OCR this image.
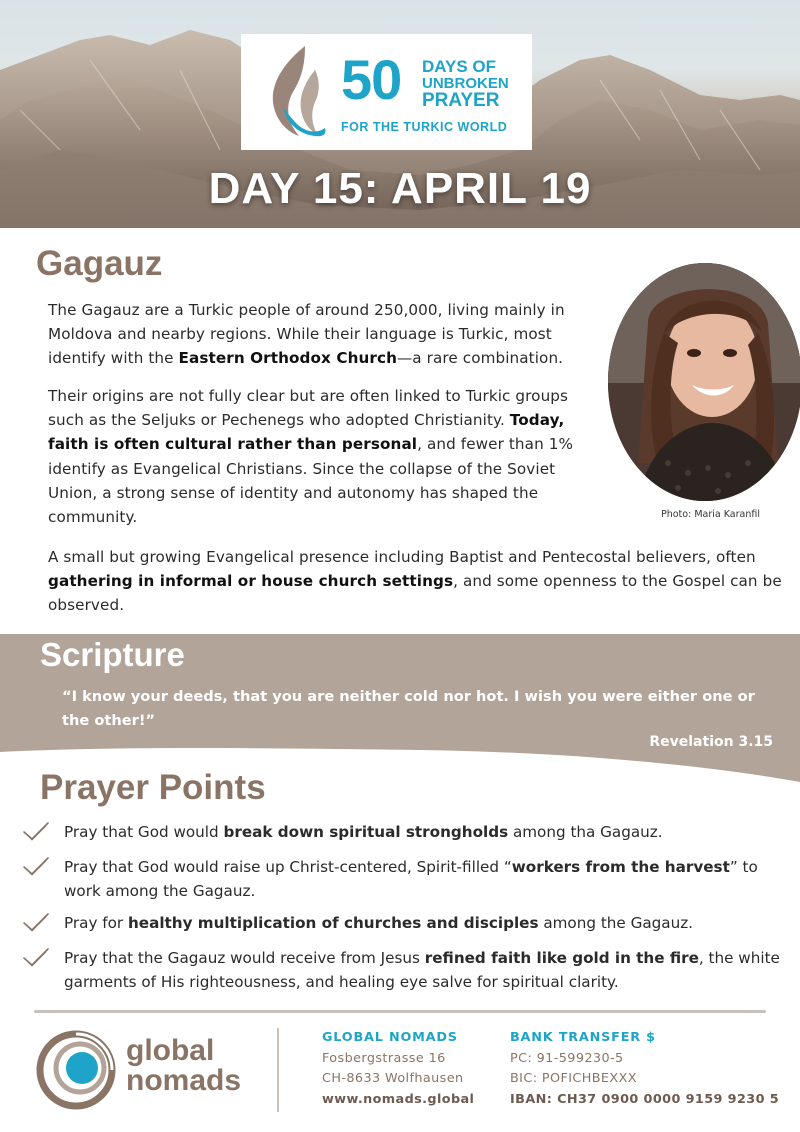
50 DAYS OF
UNBROKEN
PRAYER
FOR THE TURKIC WORLD
DAY 15: APRIL 19
Gagauz
The Gagauz are a Turkic people of around 250,000, living mainly in Moldova and nearby regions. While their language is Turkic, most identify with the Eastern Orthodox Church—a rare combination.
Their origins are not fully clear but are often linked to Turkic groups such as the Seljuks or Pechenegs who adopted Christianity. Today, faith is often cultural rather than personal, and fewer than 1% identify as Evangelical Christians. Since the collapse of the Soviet Union, a strong sense of identity and autonomy has shaped the community.
A small but growing Evangelical presence including Baptist and Pentecostal believers, often gathering in informal or house church settings, and some openness to the Gospel can be observed.
Photo: Maria Karanfil
Scripture
“I know your deeds, that you are neither cold nor hot. I wish you were either one or the other!”
Revelation 3.15
Prayer Points
Pray that God would break down spiritual strongholds among tha Gagauz.
Pray that God would raise up Christ-centered, Spirit-filled “workers from the harvest” to work among the Gagauz.
Pray for healthy multiplication of churches and disciples among the Gagauz.
Pray that the Gagauz would receive from Jesus refined faith like gold in the fire, the white garments of His righteousness, and healing eye salve for spiritual clarity.
global
nomads
GLOBAL NOMADS
Fosbergstrasse 16
CH-8633 Wolfhausen
www.nomads.global
BANK TRANSFER $
PC: 91-599230-5
BIC: POFICHBEXXX
IBAN: CH37 0900 0000 9159 9230 5
